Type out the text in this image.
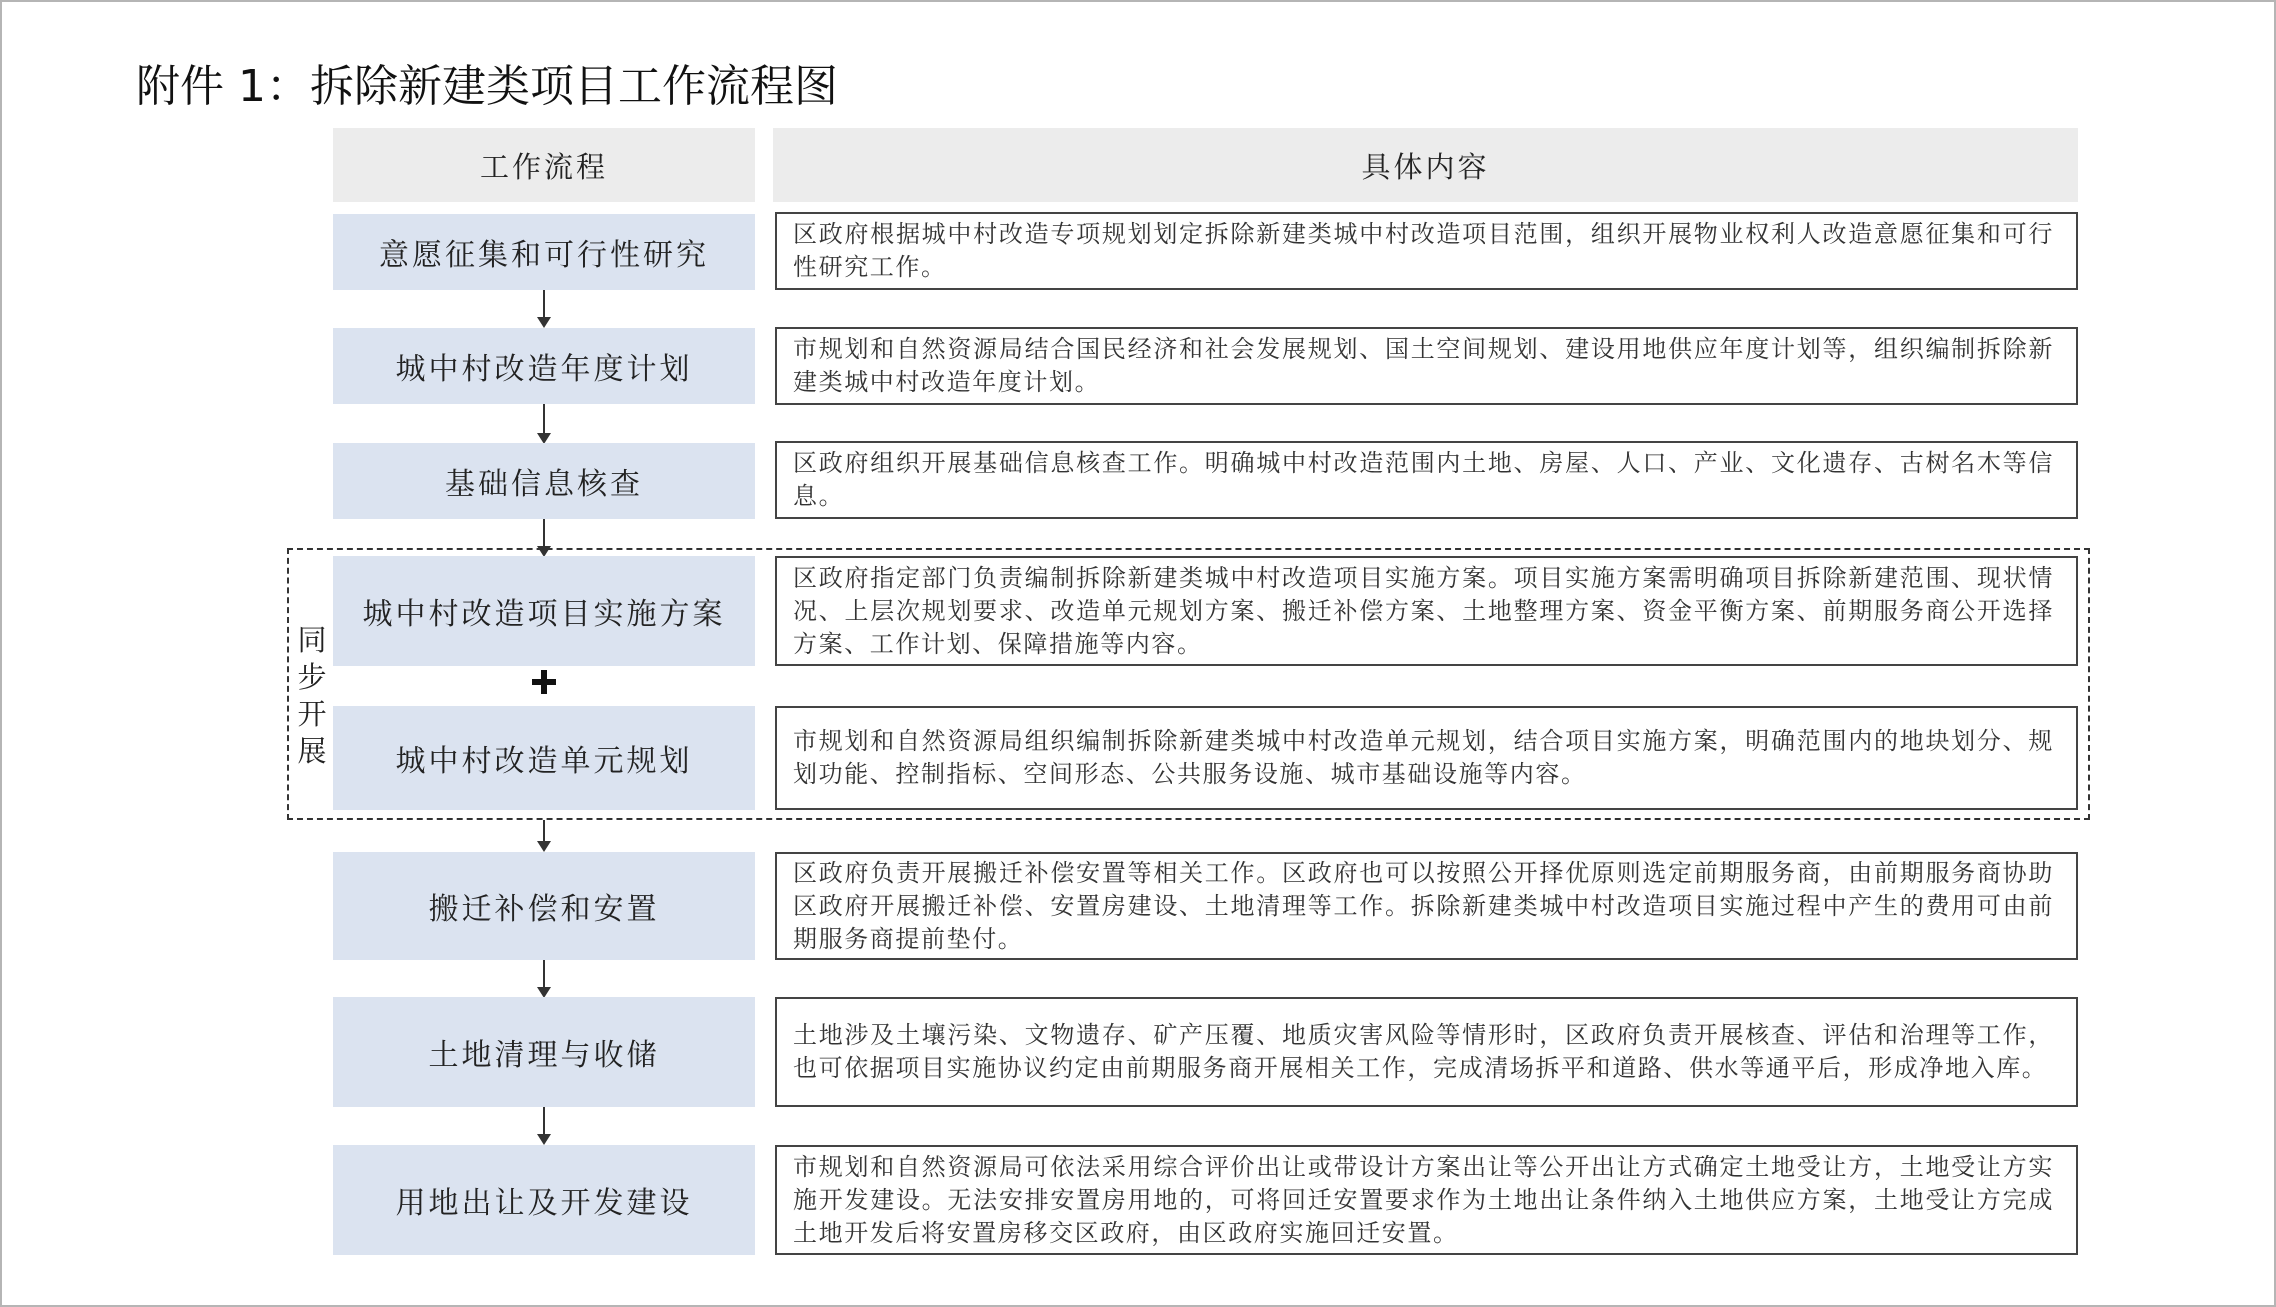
附件 1：拆除新建类项目工作流程图
工作流程	具体内容
意愿征集和可行性研究
区政府根据城中村改造专项规划划定拆除新建类城中村改造项目范围，组织开展物业权利人改造意愿征集和可行性研究工作。
城中村改造年度计划
市规划和自然资源局结合国民经济和社会发展规划、国土空间规划、建设用地供应年度计划等，组织编制拆除新建类城中村改造年度计划。
基础信息核查
区政府组织开展基础信息核查工作。明确城中村改造范围内土地、房屋、人口、产业、文化遗存、古树名木等信息。
同步开展
城中村改造项目实施方案
区政府指定部门负责编制拆除新建类城中村改造项目实施方案。项目实施方案需明确项目拆除新建范围、现状情况、上层次规划要求、改造单元规划方案、搬迁补偿方案、土地整理方案、资金平衡方案、前期服务商公开选择方案、工作计划、保障措施等内容。
城中村改造单元规划
市规划和自然资源局组织编制拆除新建类城中村改造单元规划，结合项目实施方案，明确范围内的地块划分、规划功能、控制指标、空间形态、公共服务设施、城市基础设施等内容。
搬迁补偿和安置
区政府负责开展搬迁补偿安置等相关工作。区政府也可以按照公开择优原则选定前期服务商，由前期服务商协助区政府开展搬迁补偿、安置房建设、土地清理等工作。拆除新建类城中村改造项目实施过程中产生的费用可由前期服务商提前垫付。
土地清理与收储
土地涉及土壤污染、文物遗存、矿产压覆、地质灾害风险等情形时，区政府负责开展核查、评估和治理等工作，也可依据项目实施协议约定由前期服务商开展相关工作，完成清场拆平和道路、供水等通平后，形成净地入库。
用地出让及开发建设
市规划和自然资源局可依法采用综合评价出让或带设计方案出让等公开出让方式确定土地受让方，土地受让方实施开发建设。无法安排安置房用地的，可将回迁安置要求作为土地出让条件纳入土地供应方案，土地受让方完成土地开发后将安置房移交区政府，由区政府实施回迁安置。
